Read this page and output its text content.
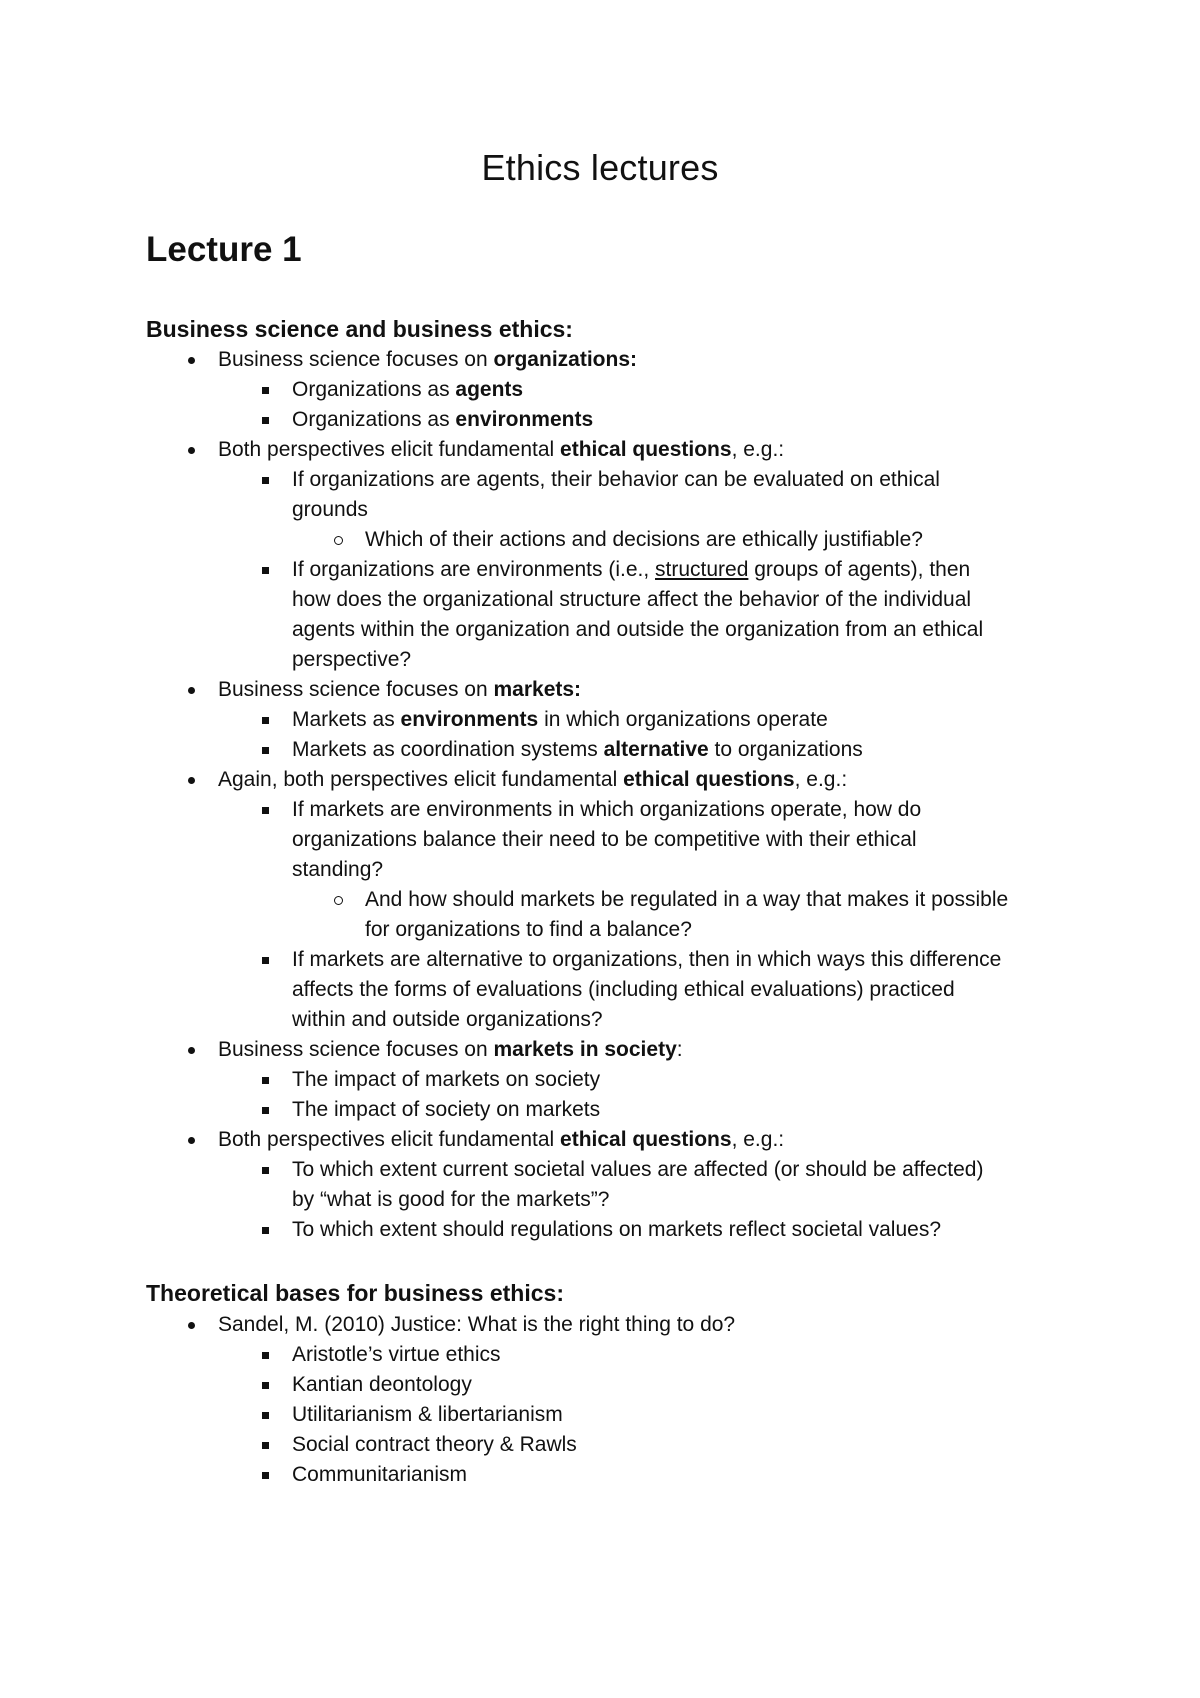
Ethics lectures
Lecture 1
Business science and business ethics:
Business science focuses on organizations:
Organizations as agents
Organizations as environments
Both perspectives elicit fundamental ethical questions, e.g.:
If organizations are agents, their behavior can be evaluated on ethical
grounds
Which of their actions and decisions are ethically justifiable?
If organizations are environments (i.e., structured groups of agents), then
how does the organizational structure affect the behavior of the individual
agents within the organization and outside the organization from an ethical
perspective?
Business science focuses on markets:
Markets as environments in which organizations operate
Markets as coordination systems alternative to organizations
Again, both perspectives elicit fundamental ethical questions, e.g.:
If markets are environments in which organizations operate, how do
organizations balance their need to be competitive with their ethical
standing?
And how should markets be regulated in a way that makes it possible
for organizations to find a balance?
If markets are alternative to organizations, then in which ways this difference
affects the forms of evaluations (including ethical evaluations) practiced
within and outside organizations?
Business science focuses on markets in society:
The impact of markets on society
The impact of society on markets
Both perspectives elicit fundamental ethical questions, e.g.:
To which extent current societal values are affected (or should be affected)
by “what is good for the markets”?
To which extent should regulations on markets reflect societal values?
Theoretical bases for business ethics:
Sandel, M. (2010) Justice: What is the right thing to do?
Aristotle’s virtue ethics
Kantian deontology
Utilitarianism & libertarianism
Social contract theory & Rawls
Communitarianism
